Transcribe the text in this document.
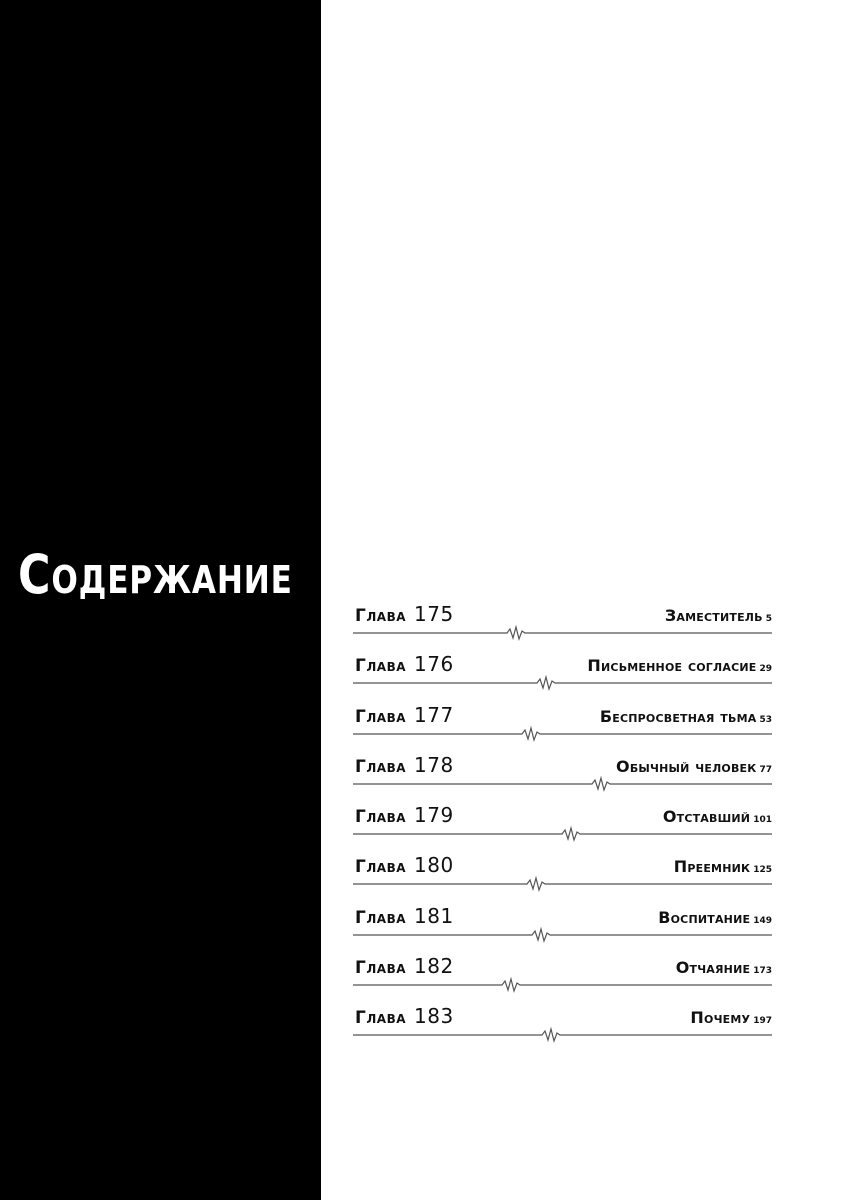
Содержание
Глава 175	Заместитель 5
Глава 176	Письменное согласие 29
Глава 177	Беспросветная тьма 53
Глава 178	Обычный человек 77
Глава 179	Отставший 101
Глава 180	Преемник 125
Глава 181	Воспитание 149
Глава 182	Отчаяние 173
Глава 183	Почему 197
